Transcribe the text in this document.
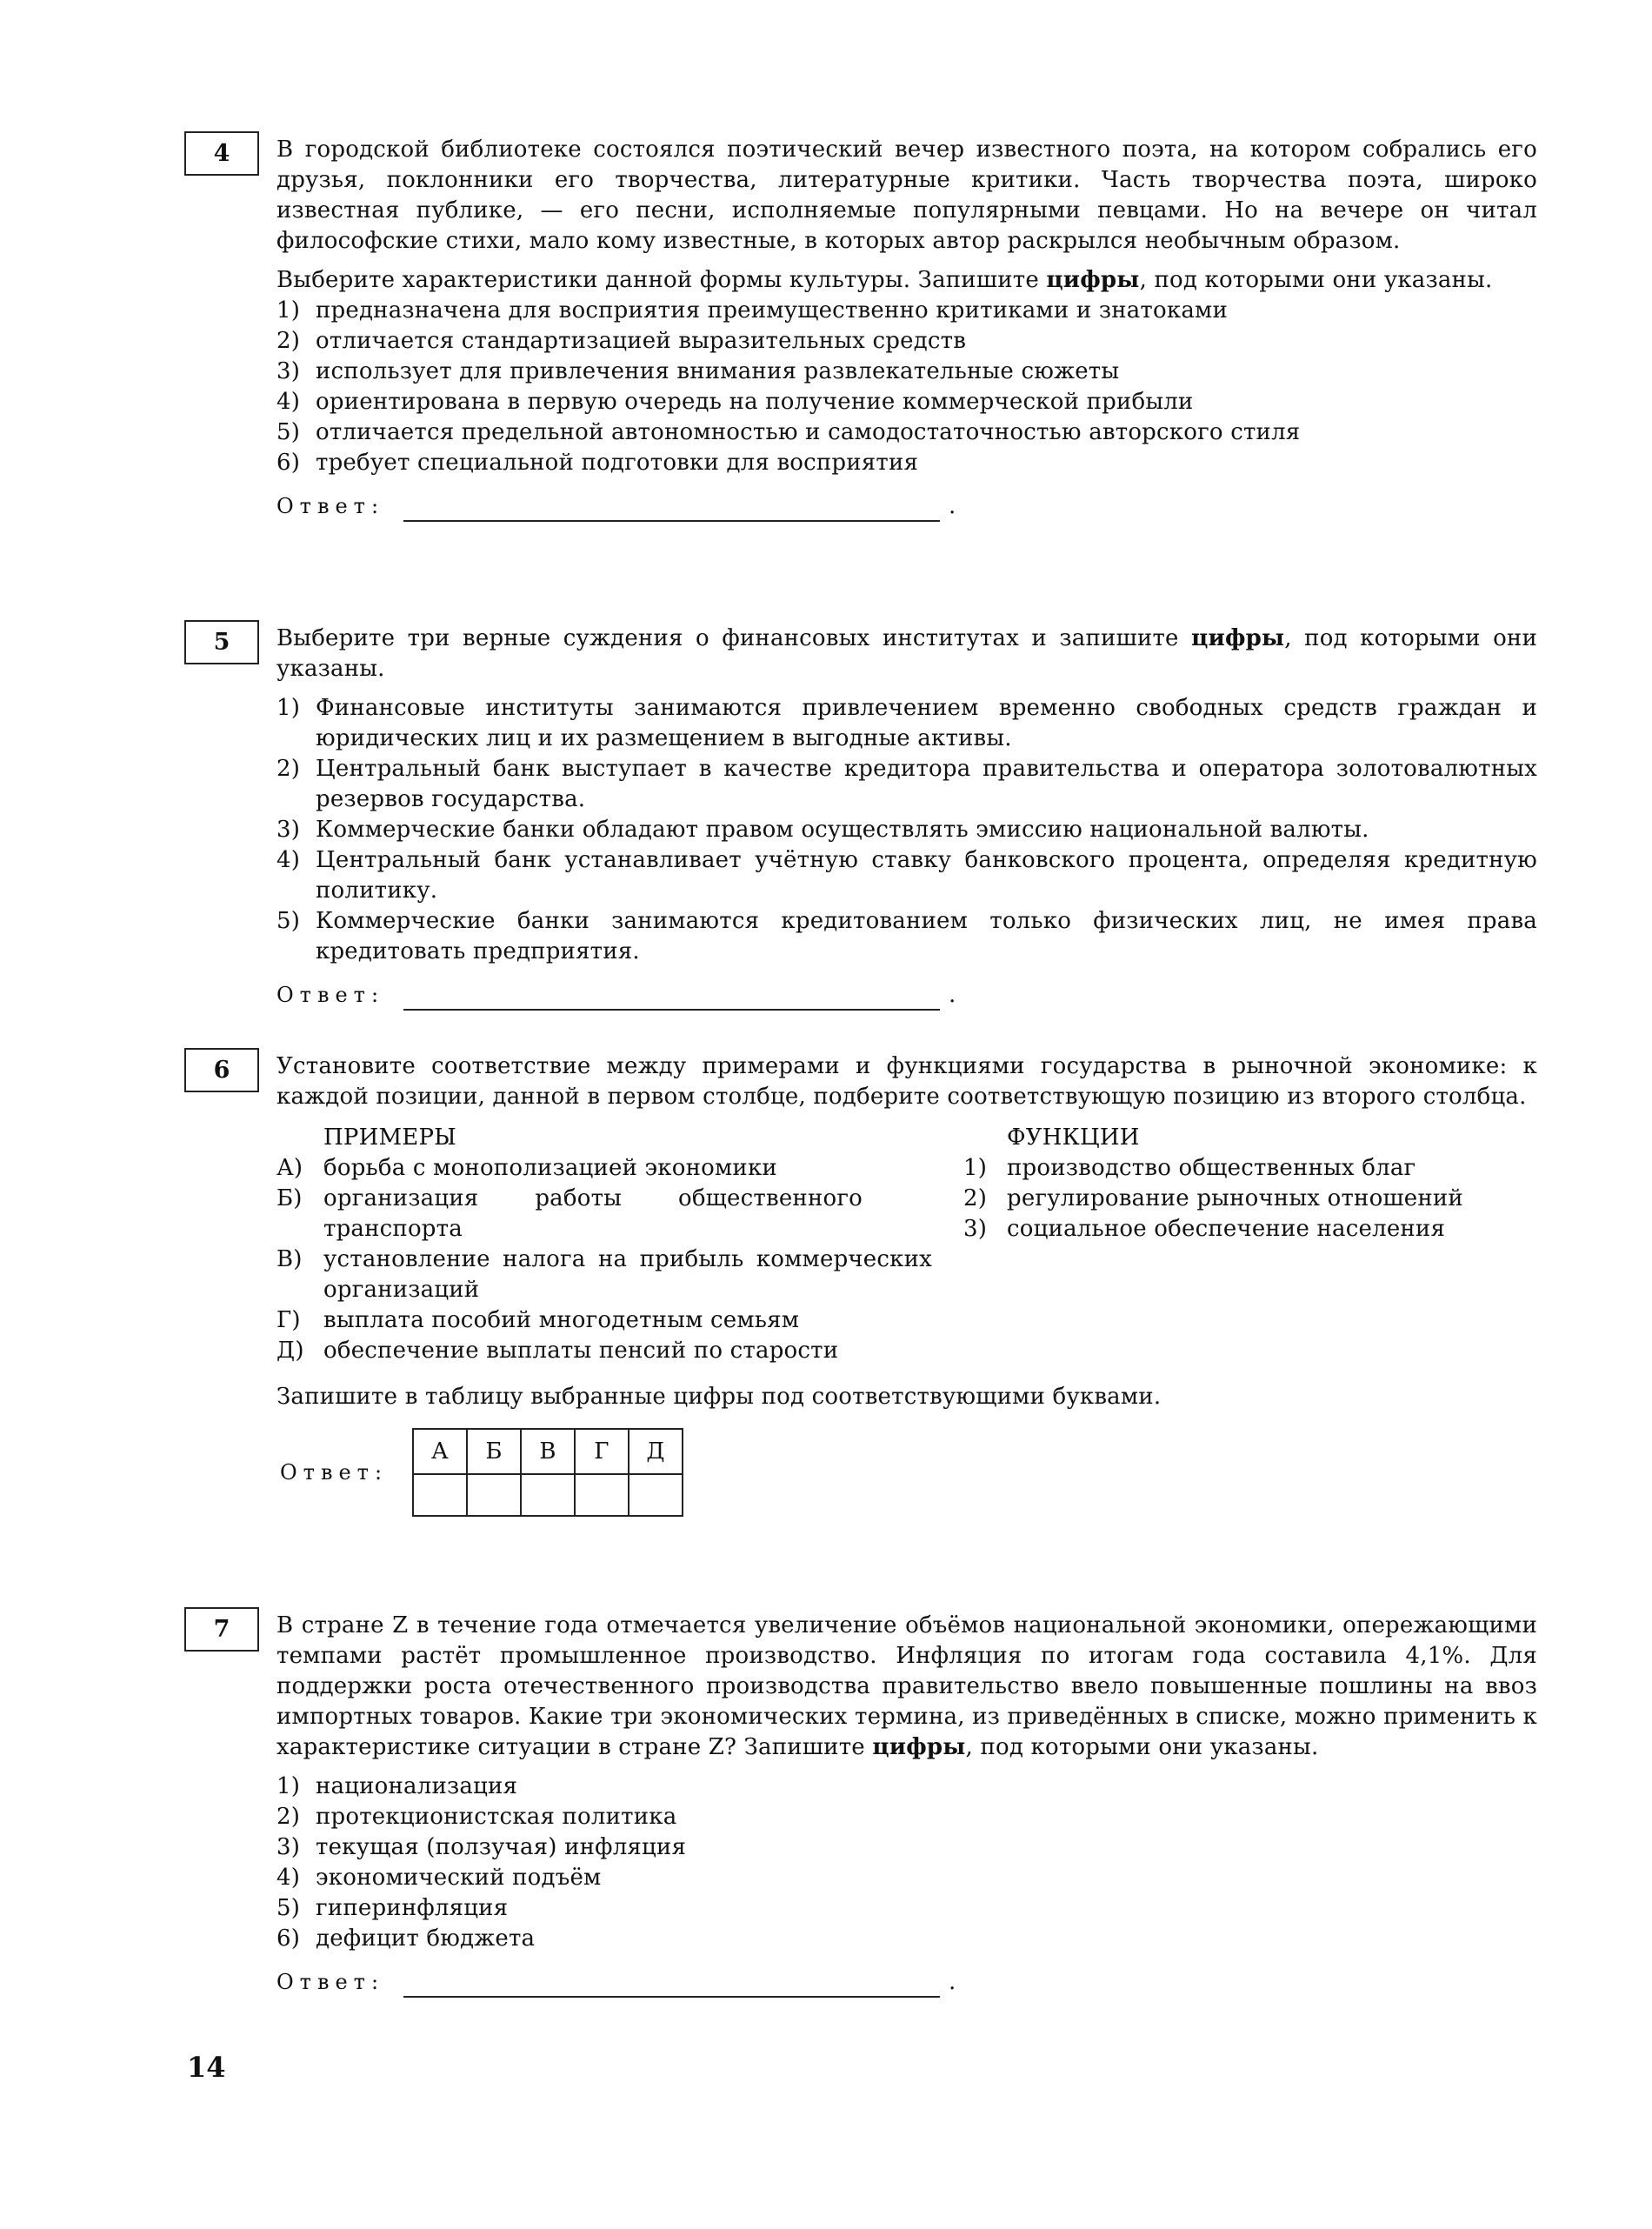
4 В городской библиотеке состоялся поэтический вечер известного поэта, на котором собрались его друзья, поклонники его творчества, литературные критики. Часть творчества поэта, широко известная публике, — его песни, исполняемые популярными певцами. Но на вечере он читал философские стихи, мало кому известные, в которых автор раскрылся необычным образом.

Выберите характеристики данной формы культуры. Запишите цифры, под которыми они указаны.

1) предназначена для восприятия преимущественно критиками и знатоками
2) отличается стандартизацией выразительных средств
3) использует для привлечения внимания развлекательные сюжеты
4) ориентирована в первую очередь на получение коммерческой прибыли
5) отличается предельной автономностью и самодостаточностью авторского стиля
6) требует специальной подготовки для восприятия
Ответ:	.
5 Выберите три верные суждения о финансовых институтах и запишите цифры, под которыми они указаны.

1) Финансовые институты занимаются привлечением временно свободных средств граждан и юридических лиц и их размещением в выгодные активы.
2) Центральный банк выступает в качестве кредитора правительства и оператора золотовалютных резервов государства.
3) Коммерческие банки обладают правом осуществлять эмиссию национальной валюты.
4) Центральный банк устанавливает учётную ставку банковского процента, определяя кредитную политику.
5) Коммерческие банки занимаются кредитованием только физических лиц, не имея права кредитовать предприятия.
Ответ:	.
6 Установите соответствие между примерами и функциями государства в рыночной экономике: к каждой позиции, данной в первом столбце, подберите соответствующую позицию из второго столбца.

ПРИМЕРЫ
А) борьба с монополизацией экономики
Б) организация работы общественного транспорта
В) установление налога на прибыль коммерческих организаций
Г)	выплата пособий многодетным семьям
Д) обеспечение выплаты пенсий по старости
ФУНКЦИИ
1) производство общественных благ
2) регулирование рыночных отношений
3) социальное обеспечение населения

Запишите в таблицу выбранные цифры под соответствующими буквами.

Ответ:
А	Б	В	Г	Д

7 В стране Z в течение года отмечается увеличение объёмов национальной экономики, опережающими темпами растёт промышленное производство. Инфляция по итогам года составила 4,1%. Для поддержки роста отечественного производства правительство ввело повышенные пошлины на ввоз импортных товаров. Какие три экономических термина, из приведённых в списке, можно применить к характеристике ситуации в стране Z? Запишите цифры, под которыми они указаны.

1) национализация
2) протекционистская политика
3) текущая (ползучая) инфляция
4) экономический подъём
5) гиперинфляция
6) дефицит бюджета
Ответ:	.
14
